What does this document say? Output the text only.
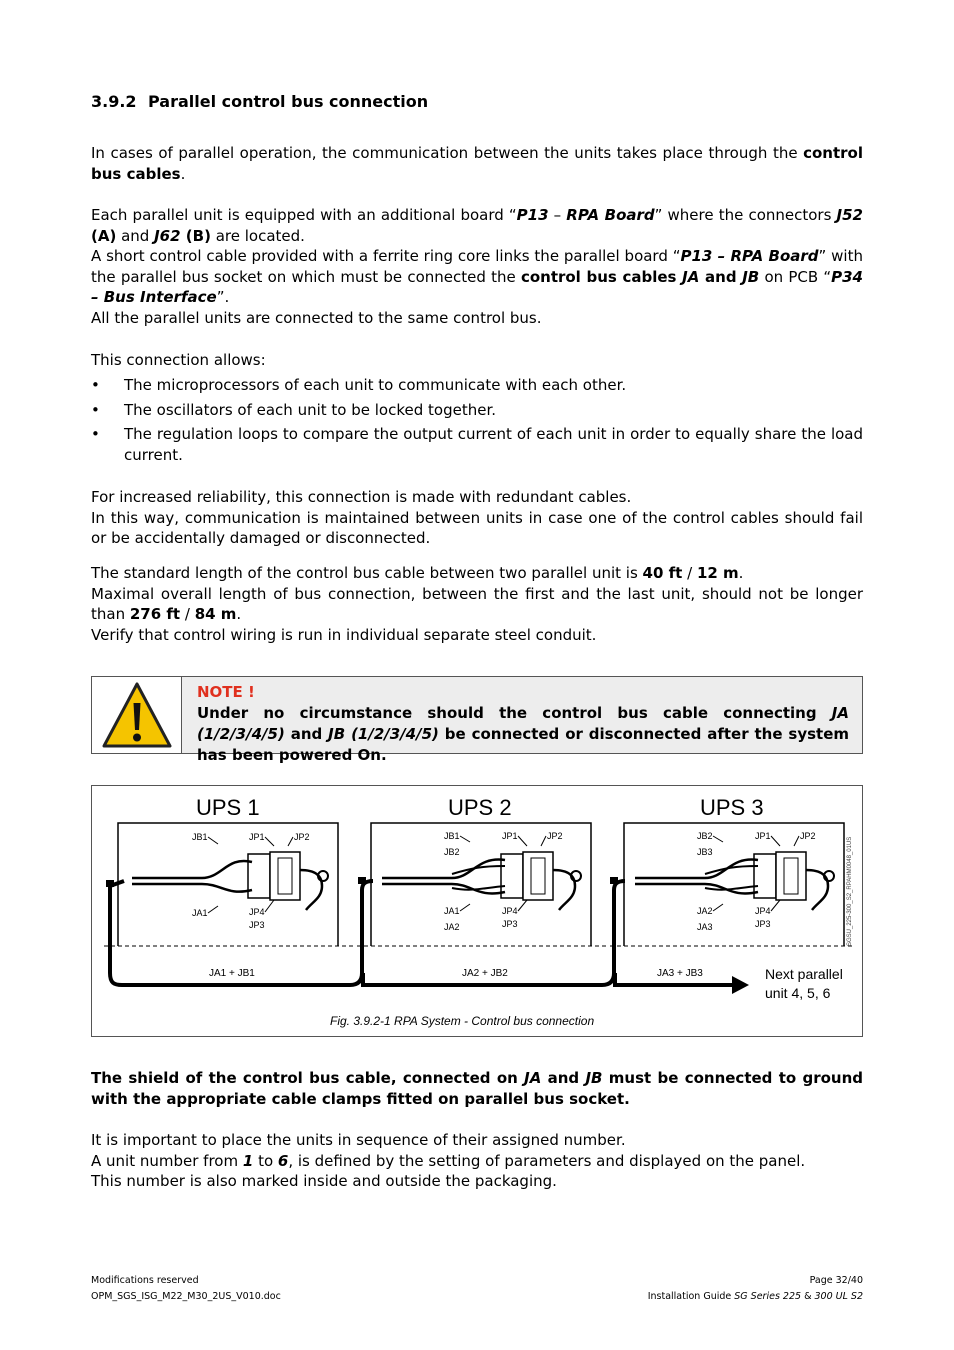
3.9.2 Parallel control bus connection
In cases of parallel operation, the communication between the units takes place through the control bus cables.
Each parallel unit is equipped with an additional board “P13 – RPA Board” where the connectors J52 (A) and J62 (B) are located.
A short control cable provided with a ferrite ring core links the parallel board “P13 – RPA Board” with the parallel bus socket on which must be connected the control bus cables JA and JB on PCB “P34 – Bus Interface”.
All the parallel units are connected to the same control bus.
This connection allows:
• The microprocessors of each unit to communicate with each other.
• The oscillators of each unit to be locked together.
• The regulation loops to compare the output current of each unit in order to equally share the load current.
For increased reliability, this connection is made with redundant cables.
In this way, communication is maintained between units in case one of the control cables should fail or be accidentally damaged or disconnected.
The standard length of the control bus cable between two parallel unit is 40 ft / 12 m.
Maximal overall length of bus connection, between the first and the last unit, should not be longer than 276 ft / 84 m.
Verify that control wiring is run in individual separate steel conduit.
NOTE !
Under no circumstance should the control bus cable connecting JA (1/2/3/4/5) and JB (1/2/3/4/5) be connected or disconnected after the system has been powered On.
UPS 1	UPS 2	UPS 3
JB1
JA1
JP1	JP2
JP4
JP3
JB1
JB2
JA1
JA2
JP1	JP2
JP4
JP3
JB2
JB3
JA2
JA3
JP1	JP2
JP4
JP3	SGSU_225-300_S2_RPAHM0048_01US
JA1 + JB1	JA2 + JB2	JA3 + JB3	Next parallel
unit 4, 5, 6
Fig. 3.9.2-1 RPA System - Control bus connection
The shield of the control bus cable, connected on JA and JB must be connected to ground with the appropriate cable clamps fitted on parallel bus socket.
It is important to place the units in sequence of their assigned number.
A unit number from 1 to 6, is defined by the setting of parameters and displayed on the panel.
This number is also marked inside and outside the packaging.
Modifications reserved
OPM_SGS_ISG_M22_M30_2US_V010.doc
Page 32/40
Installation Guide SG Series 225 & 300 UL S2
